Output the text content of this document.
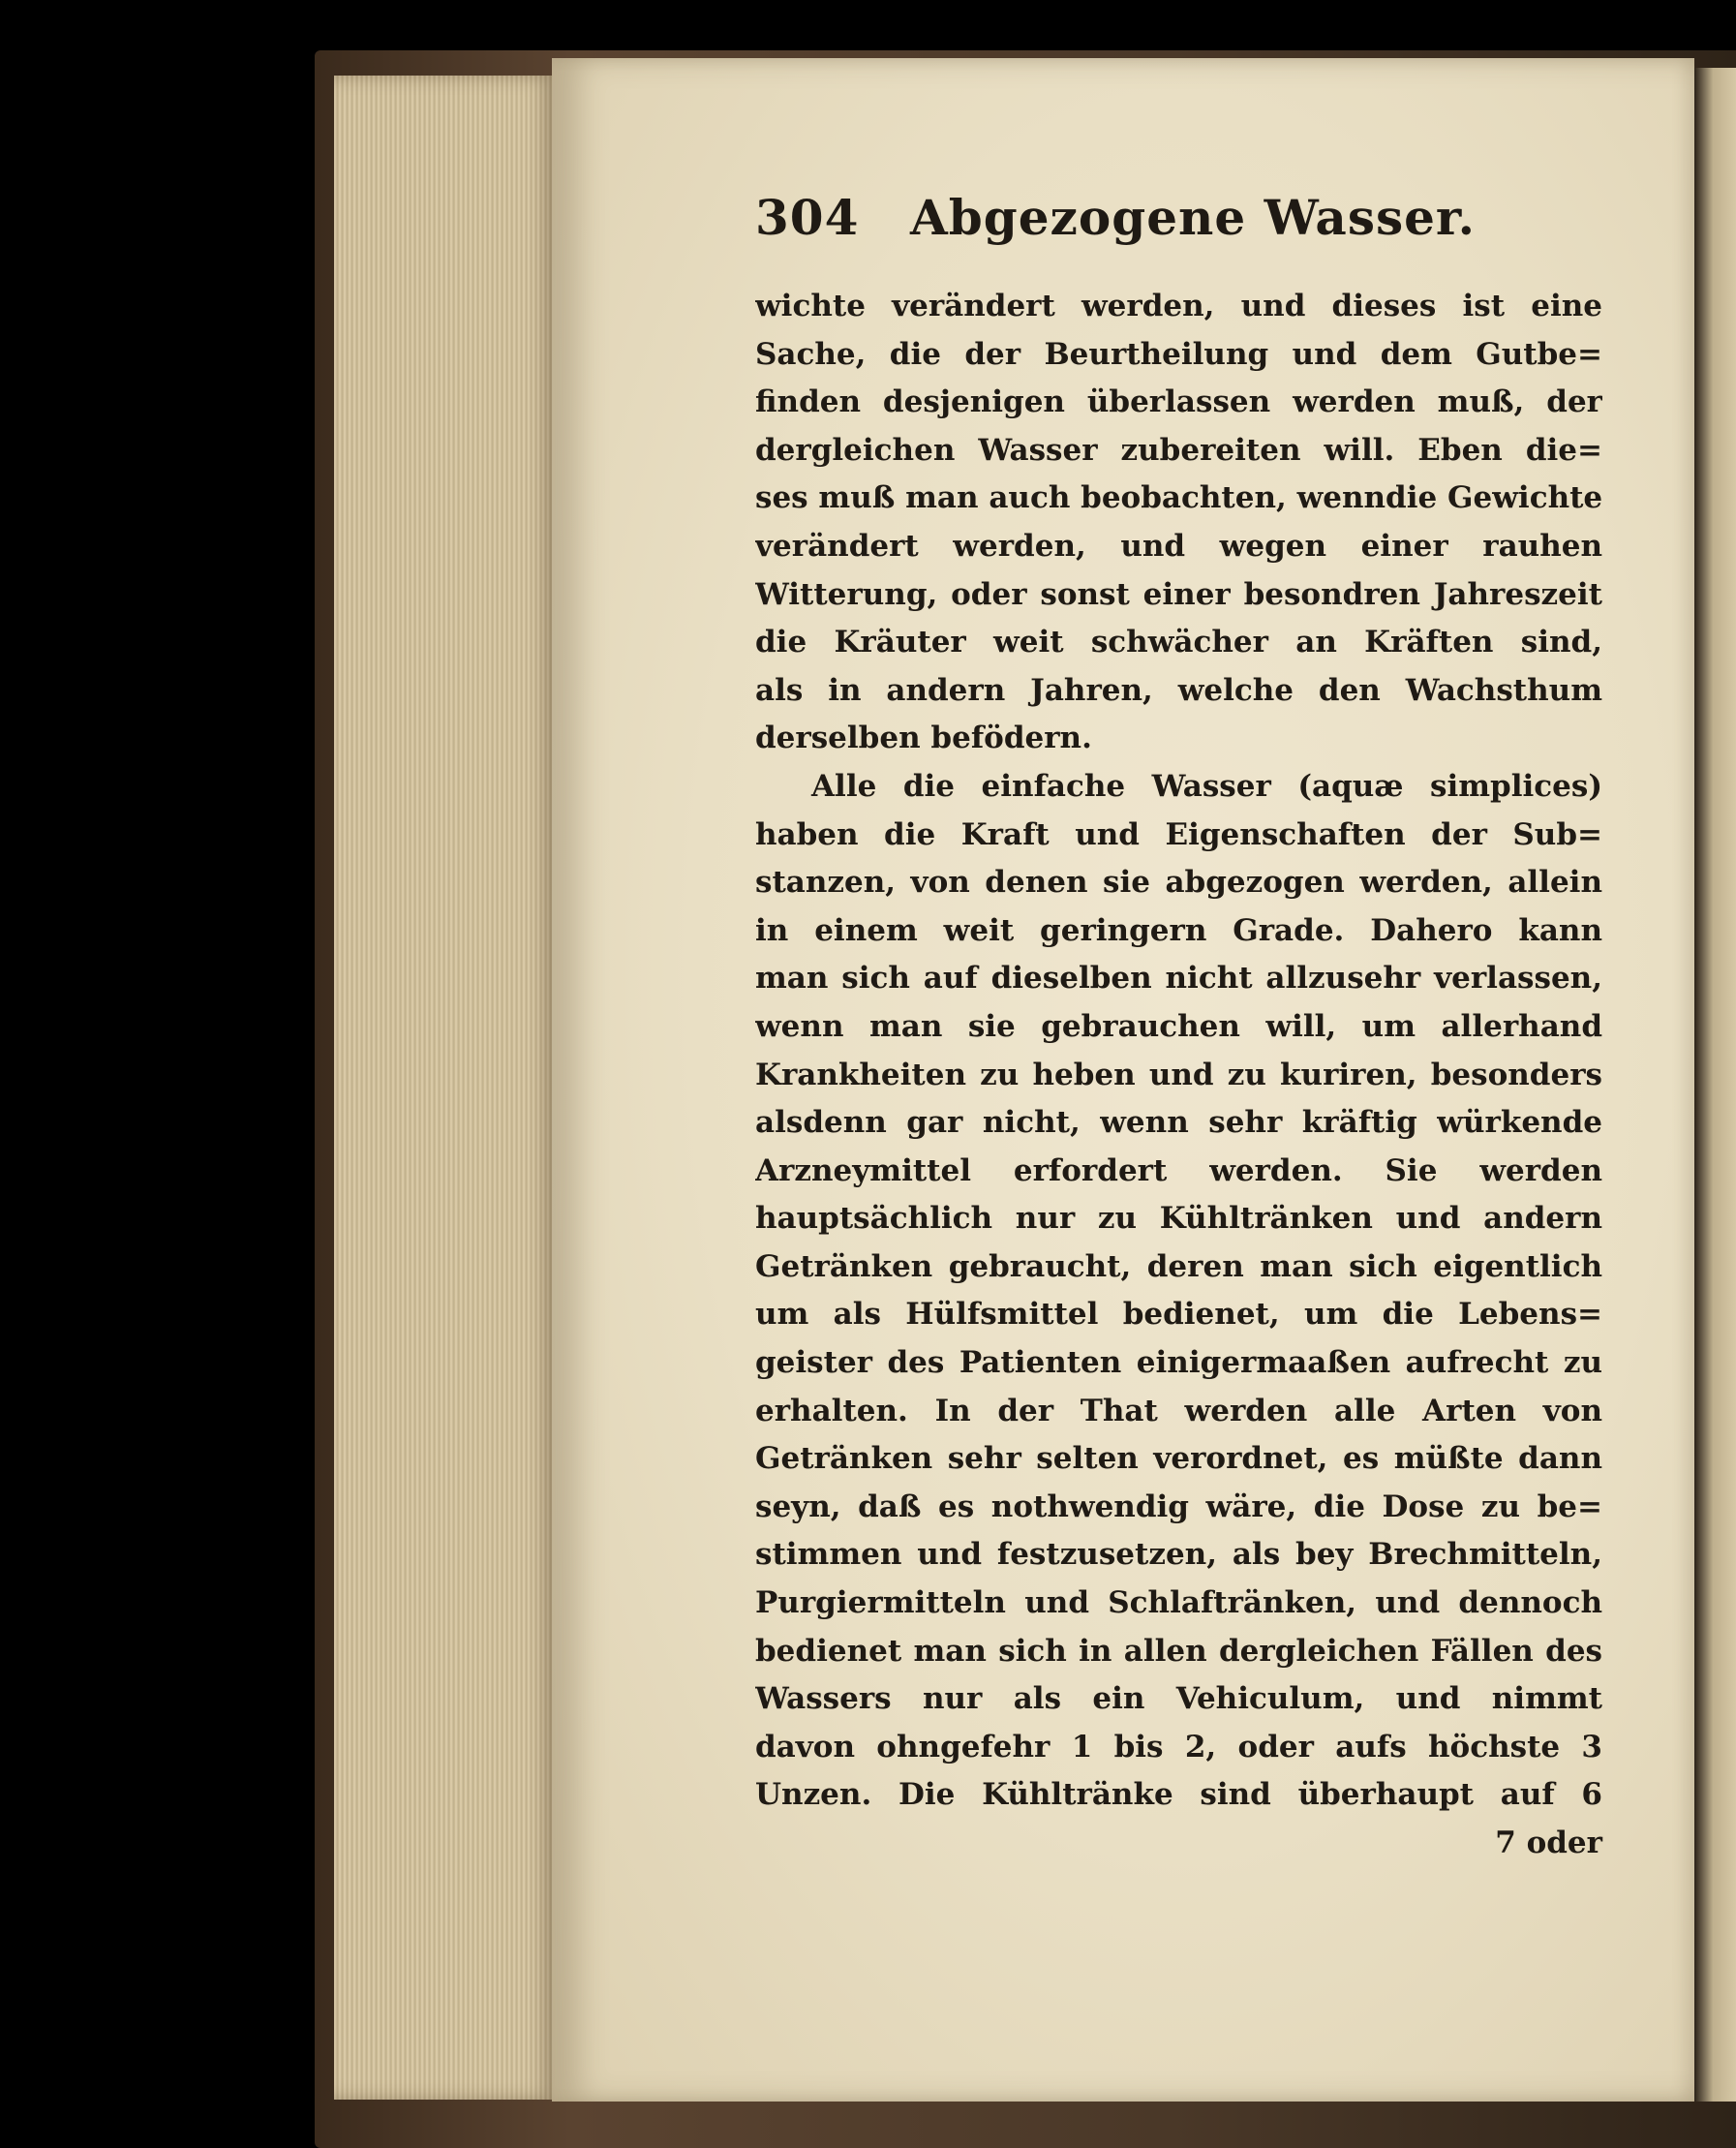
304 Abgezogene Wasser.
wichte verändert werden, und dieses ist eine
Sache, die der Beurtheilung und dem Gutbe=
finden desjenigen überlassen werden muß, der
dergleichen Wasser zubereiten will. Eben die=
ses muß man auch beobachten, wenndie Gewichte
verändert werden, und wegen einer rauhen
Witterung, oder sonst einer besondren Jahreszeit
die Kräuter weit schwächer an Kräften sind,
als in andern Jahren, welche den Wachsthum
derselben befödern.
Alle die einfache Wasser (aquæ simplices)
haben die Kraft und Eigenschaften der Sub=
stanzen, von denen sie abgezogen werden, allein
in einem weit geringern Grade. Dahero kann
man sich auf dieselben nicht allzusehr verlassen,
wenn man sie gebrauchen will, um allerhand
Krankheiten zu heben und zu kuriren, besonders
alsdenn gar nicht, wenn sehr kräftig würkende
Arzneymittel erfordert werden. Sie werden
hauptsächlich nur zu Kühltränken und andern
Getränken gebraucht, deren man sich eigentlich
um als Hülfsmittel bedienet, um die Lebens=
geister des Patienten einigermaaßen aufrecht zu
erhalten. In der That werden alle Arten von
Getränken sehr selten verordnet, es müßte dann
seyn, daß es nothwendig wäre, die Dose zu be=
stimmen und festzusetzen, als bey Brechmitteln,
Purgiermitteln und Schlaftränken, und dennoch
bedienet man sich in allen dergleichen Fällen des
Wassers nur als ein Vehiculum, und nimmt
davon ohngefehr 1 bis 2, oder aufs höchste 3
Unzen. Die Kühltränke sind überhaupt auf 6
7 oder
